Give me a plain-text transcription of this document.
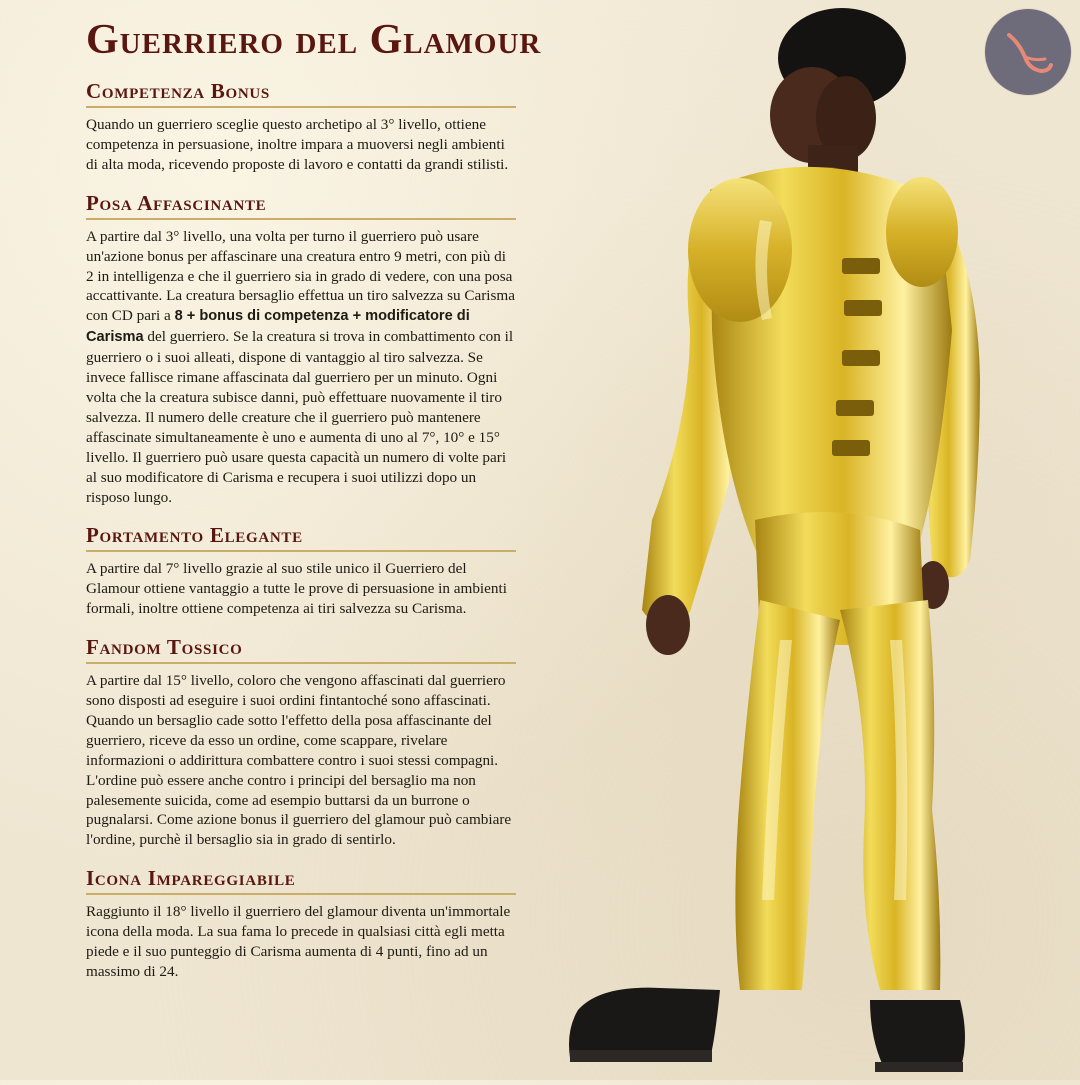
Guerriero del Glamour
Competenza Bonus

Quando un guerriero sceglie questo archetipo al 3° livello, ottiene competenza in persuasione, inoltre impara a muoversi negli ambienti di alta moda, ricevendo proposte di lavoro e contatti da grandi stilisti.

Posa Affascinante

A partire dal 3° livello, una volta per turno il guerriero può usare un'azione bonus per affascinare una creatura entro 9 metri, con più di 2 in intelligenza e che il guerriero sia in grado di vedere, con una posa accattivante. La creatura bersaglio effettua un tiro salvezza su Carisma con CD pari a 8 + bonus di competenza + modificatore di Carisma del guerriero. Se la creatura si trova in combattimento con il guerriero o i suoi alleati, dispone di vantaggio al tiro salvezza. Se invece fallisce rimane affascinata dal guerriero per un minuto. Ogni volta che la creatura subisce danni, può effettuare nuovamente il tiro salvezza. Il numero delle creature che il guerriero può mantenere affascinate simultaneamente è uno e aumenta di uno al 7°, 10° e 15° livello. Il guerriero può usare questa capacità un numero di volte pari al suo modificatore di Carisma e recupera i suoi utilizzi dopo un risposo lungo.

Portamento Elegante

A partire dal 7° livello grazie al suo stile unico il Guerriero del Glamour ottiene vantaggio a tutte le prove di persuasione in ambienti formali, inoltre ottiene competenza ai tiri salvezza su Carisma.

Fandom Tossico

A partire dal 15° livello, coloro che vengono affascinati dal guerriero sono disposti ad eseguire i suoi ordini fintantoché sono affascinati. Quando un bersaglio cade sotto l'effetto della posa affascinante del guerriero, riceve da esso un ordine, come scappare, rivelare informazioni o addirittura combattere contro i suoi stessi compagni. L'ordine può essere anche contro i principi del bersaglio ma non palesemente suicida, come ad esempio buttarsi da un burrone o pugnalarsi. Come azione bonus il guerriero del glamour può cambiare l'ordine, purchè il bersaglio sia in grado di sentirlo.

Icona Impareggiabile

Raggiunto il 18° livello il guerriero del glamour diventa un'immortale icona della moda. La sua fama lo precede in qualsiasi città egli metta piede e il suo punteggio di Carisma aumenta di 4 punti, fino ad un massimo di 24.
